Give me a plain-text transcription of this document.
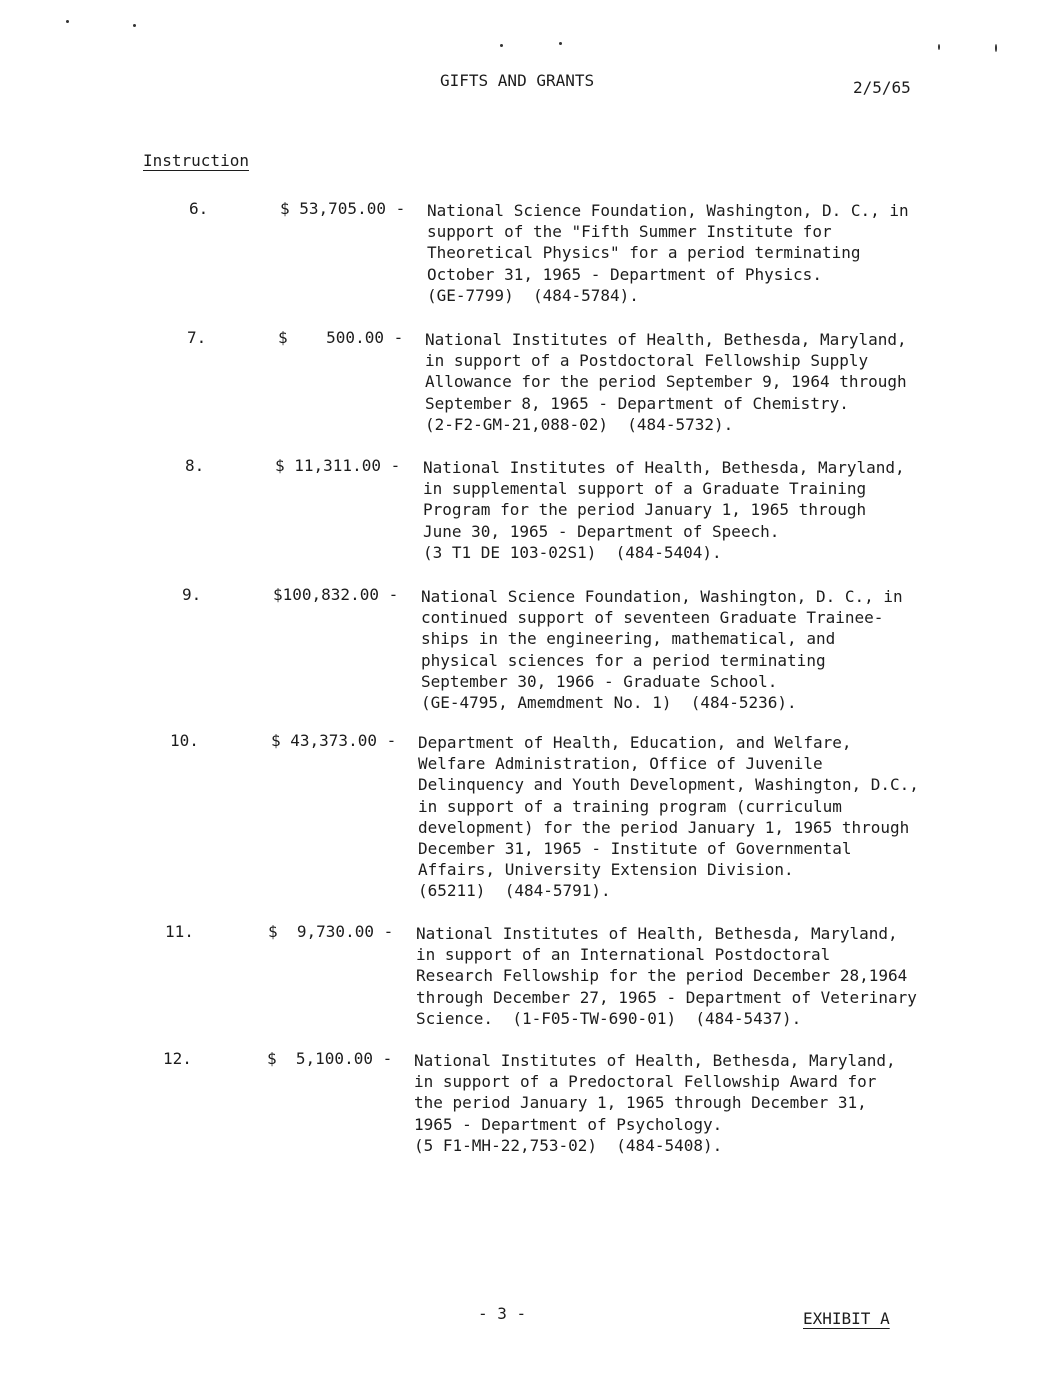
GIFTS AND GRANTS	2/5/65
Instruction
6.	$ 53,705.00 - National Science Foundation, Washington, D. C., in
support of the "Fifth Summer Institute for
Theoretical Physics" for a period terminating
October 31, 1965 - Department of Physics.
(GE-7799)  (484-5784).
7.	$    500.00 - National Institutes of Health, Bethesda, Maryland,
in support of a Postdoctoral Fellowship Supply
Allowance for the period September 9, 1964 through
September 8, 1965 - Department of Chemistry.
(2-F2-GM-21,088-02)  (484-5732).
8.	$ 11,311.00 - National Institutes of Health, Bethesda, Maryland,
in supplemental support of a Graduate Training
Program for the period January 1, 1965 through
June 30, 1965 - Department of Speech.
(3 T1 DE 103-02S1)  (484-5404).
9.	$100,832.00 - National Science Foundation, Washington, D. C., in
continued support of seventeen Graduate Trainee-
ships in the engineering, mathematical, and
physical sciences for a period terminating
September 30, 1966 - Graduate School.
(GE-4795, Amemdment No. 1)  (484-5236).
10.	$ 43,373.00 - Department of Health, Education, and Welfare,
Welfare Administration, Office of Juvenile
Delinquency and Youth Development, Washington, D.C.,
in support of a training program (curriculum
development) for the period January 1, 1965 through
December 31, 1965 - Institute of Governmental
Affairs, University Extension Division.
(65211)  (484-5791).
11.	$  9,730.00 - National Institutes of Health, Bethesda, Maryland,
in support of an International Postdoctoral
Research Fellowship for the period December 28,1964
through December 27, 1965 - Department of Veterinary
Science.  (1-F05-TW-690-01)  (484-5437).
12.	$  5,100.00 - National Institutes of Health, Bethesda, Maryland,
in support of a Predoctoral Fellowship Award for
the period January 1, 1965 through December 31,
1965 - Department of Psychology.
(5 F1-MH-22,753-02)  (484-5408).
- 3 -	EXHIBIT A
